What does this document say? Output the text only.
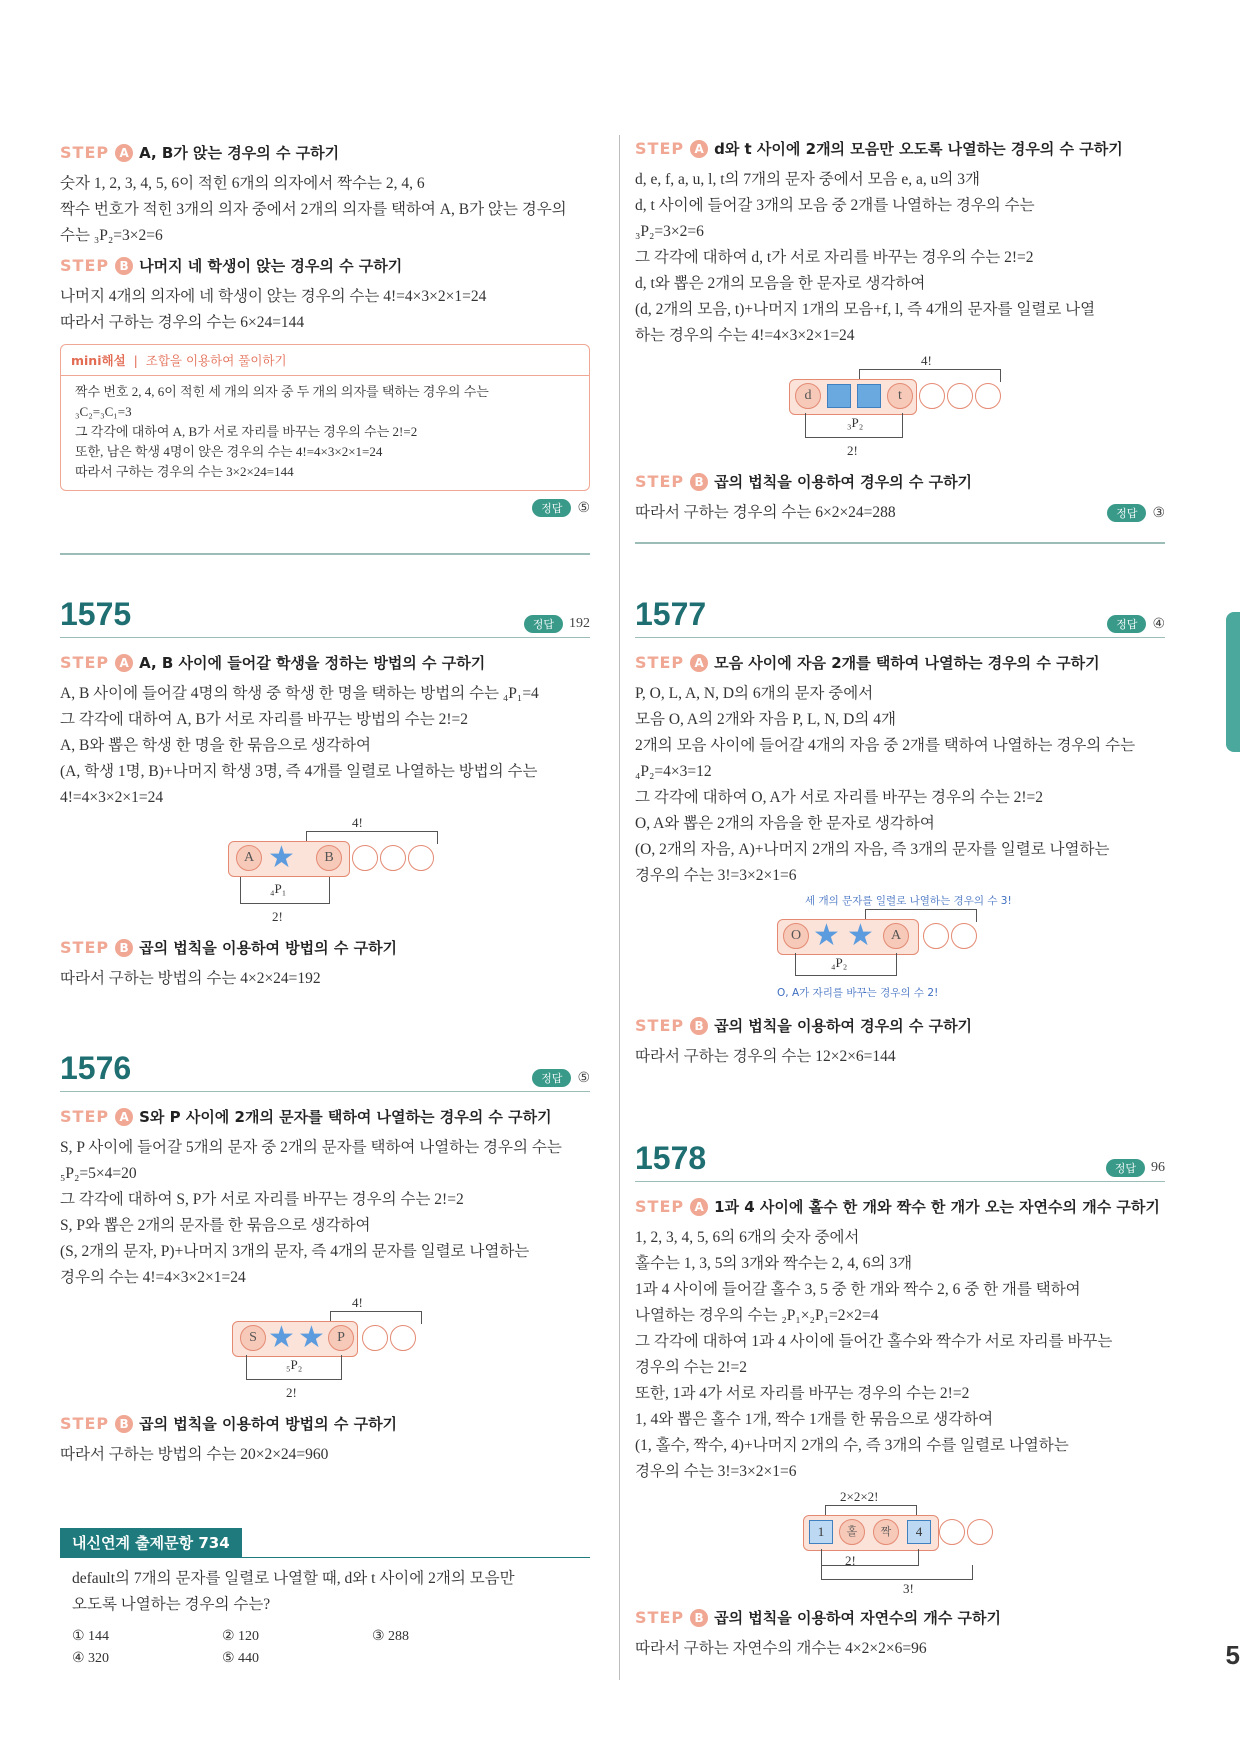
5
STEP A A, B가 앉는 경우의 수 구하기
숫자 1, 2, 3, 4, 5, 6이 적힌 6개의 의자에서 짝수는 2, 4, 6
짝수 번호가 적힌 3개의 의자 중에서 2개의 의자를 택하여 A, B가 앉는 경우의
수는 ₃P₂=3×2=6
STEP B 나머지 네 학생이 앉는 경우의 수 구하기
나머지 4개의 의자에 네 학생이 앉는 경우의 수는 4!=4×3×2×1=24
따라서 구하는 경우의 수는 6×24=144
mini해설  |  조합을 이용하여 풀이하기
짝수 번호 2, 4, 6이 적힌 세 개의 의자 중 두 개의 의자를 택하는 경우의 수는
₃C₂=₃C₁=3
그 각각에 대하여 A, B가 서로 자리를 바꾸는 경우의 수는 2!=2
또한, 남은 학생 4명이 앉은 경우의 수는 4!=4×3×2×1=24
따라서 구하는 경우의 수는 3×2×24=144
정답	⑤
1575	정답	192
STEP A A, B 사이에 들어갈 학생을 정하는 방법의 수 구하기
A, B 사이에 들어갈 4명의 학생 중 학생 한 명을 택하는 방법의 수는 ₄P₁=4
그 각각에 대하여 A, B가 서로 자리를 바꾸는 방법의 수는 2!=2
A, B와 뽑은 학생 한 명을 한 묶음으로 생각하여
(A, 학생 1명, B)+나머지 학생 3명, 즉 4개를 일렬로 나열하는 방법의 수는
4!=4×3×2×1=24
4!
A ★	B
₄P₁
2!
STEP B 곱의 법칙을 이용하여 방법의 수 구하기
따라서 구하는 방법의 수는 4×2×24=192
1576	정답	⑤
STEP A S와 P 사이에 2개의 문자를 택하여 나열하는 경우의 수 구하기
S, P 사이에 들어갈 5개의 문자 중 2개의 문자를 택하여 나열하는 경우의 수는
₅P₂=5×4=20
그 각각에 대하여 S, P가 서로 자리를 바꾸는 경우의 수는 2!=2
S, P와 뽑은 2개의 문자를 한 묶음으로 생각하여
(S, 2개의 문자, P)+나머지 3개의 문자, 즉 4개의 문자를 일렬로 나열하는
경우의 수는 4!=4×3×2×1=24
4!
S ★ ★ P
₅P₂
2!
STEP B 곱의 법칙을 이용하여 방법의 수 구하기
따라서 구하는 방법의 수는 20×2×24=960
내신연계 출제문항 734
default의 7개의 문자를 일렬로 나열할 때, d와 t 사이에 2개의 모음만
오도록 나열하는 경우의 수는?
① 144	② 120	③ 288
④ 320	⑤ 440
STEP A d와 t 사이에 2개의 모음만 오도록 나열하는 경우의 수 구하기
d, e, f, a, u, l, t의 7개의 문자 중에서 모음 e, a, u의 3개
d, t 사이에 들어갈 3개의 모음 중 2개를 나열하는 경우의 수는
₃P₂=3×2=6
그 각각에 대하여 d, t가 서로 자리를 바꾸는 경우의 수는 2!=2
d, t와 뽑은 2개의 모음을 한 문자로 생각하여
(d, 2개의 모음, t)+나머지 1개의 모음+f, l, 즉 4개의 문자를 일렬로 나열
하는 경우의 수는 4!=4×3×2×1=24
4!
d	t
₃P₂
2!
STEP B 곱의 법칙을 이용하여 경우의 수 구하기
따라서 구하는 경우의 수는 6×2×24=288	정답	③
1577	정답	④
STEP A 모음 사이에 자음 2개를 택하여 나열하는 경우의 수 구하기
P, O, L, A, N, D의 6개의 문자 중에서
모음 O, A의 2개와 자음 P, L, N, D의 4개
2개의 모음 사이에 들어갈 4개의 자음 중 2개를 택하여 나열하는 경우의 수는
₄P₂=4×3=12
그 각각에 대하여 O, A가 서로 자리를 바꾸는 경우의 수는 2!=2
O, A와 뽑은 2개의 자음을 한 문자로 생각하여
(O, 2개의 자음, A)+나머지 2개의 자음, 즉 3개의 문자를 일렬로 나열하는
경우의 수는 3!=3×2×1=6
세 개의 문자를 일렬로 나열하는 경우의 수 3!
O ★ ★	A
₄P₂
O, A가 자리를 바꾸는 경우의 수 2!
STEP B 곱의 법칙을 이용하여 경우의 수 구하기
따라서 구하는 경우의 수는 12×2×6=144
1578	정답	96
STEP A 1과 4 사이에 홀수 한 개와 짝수 한 개가 오는 자연수의 개수 구하기
1, 2, 3, 4, 5, 6의 6개의 숫자 중에서
홀수는 1, 3, 5의 3개와 짝수는 2, 4, 6의 3개
1과 4 사이에 들어갈 홀수 3, 5 중 한 개와 짝수 2, 6 중 한 개를 택하여
나열하는 경우의 수는 ₂P₁×₂P₁=2×2=4
그 각각에 대하여 1과 4 사이에 들어간 홀수와 짝수가 서로 자리를 바꾸는
경우의 수는 2!=2
또한, 1과 4가 서로 자리를 바꾸는 경우의 수는 2!=2
1, 4와 뽑은 홀수 1개, 짝수 1개를 한 묶음으로 생각하여
(1, 홀수, 짝수, 4)+나머지 2개의 수, 즉 3개의 수를 일렬로 나열하는
경우의 수는 3!=3×2×1=6
2×2×2!
1	홀	짝	4
2!
3!
STEP B 곱의 법칙을 이용하여 자연수의 개수 구하기
따라서 구하는 자연수의 개수는 4×2×2×6=96
